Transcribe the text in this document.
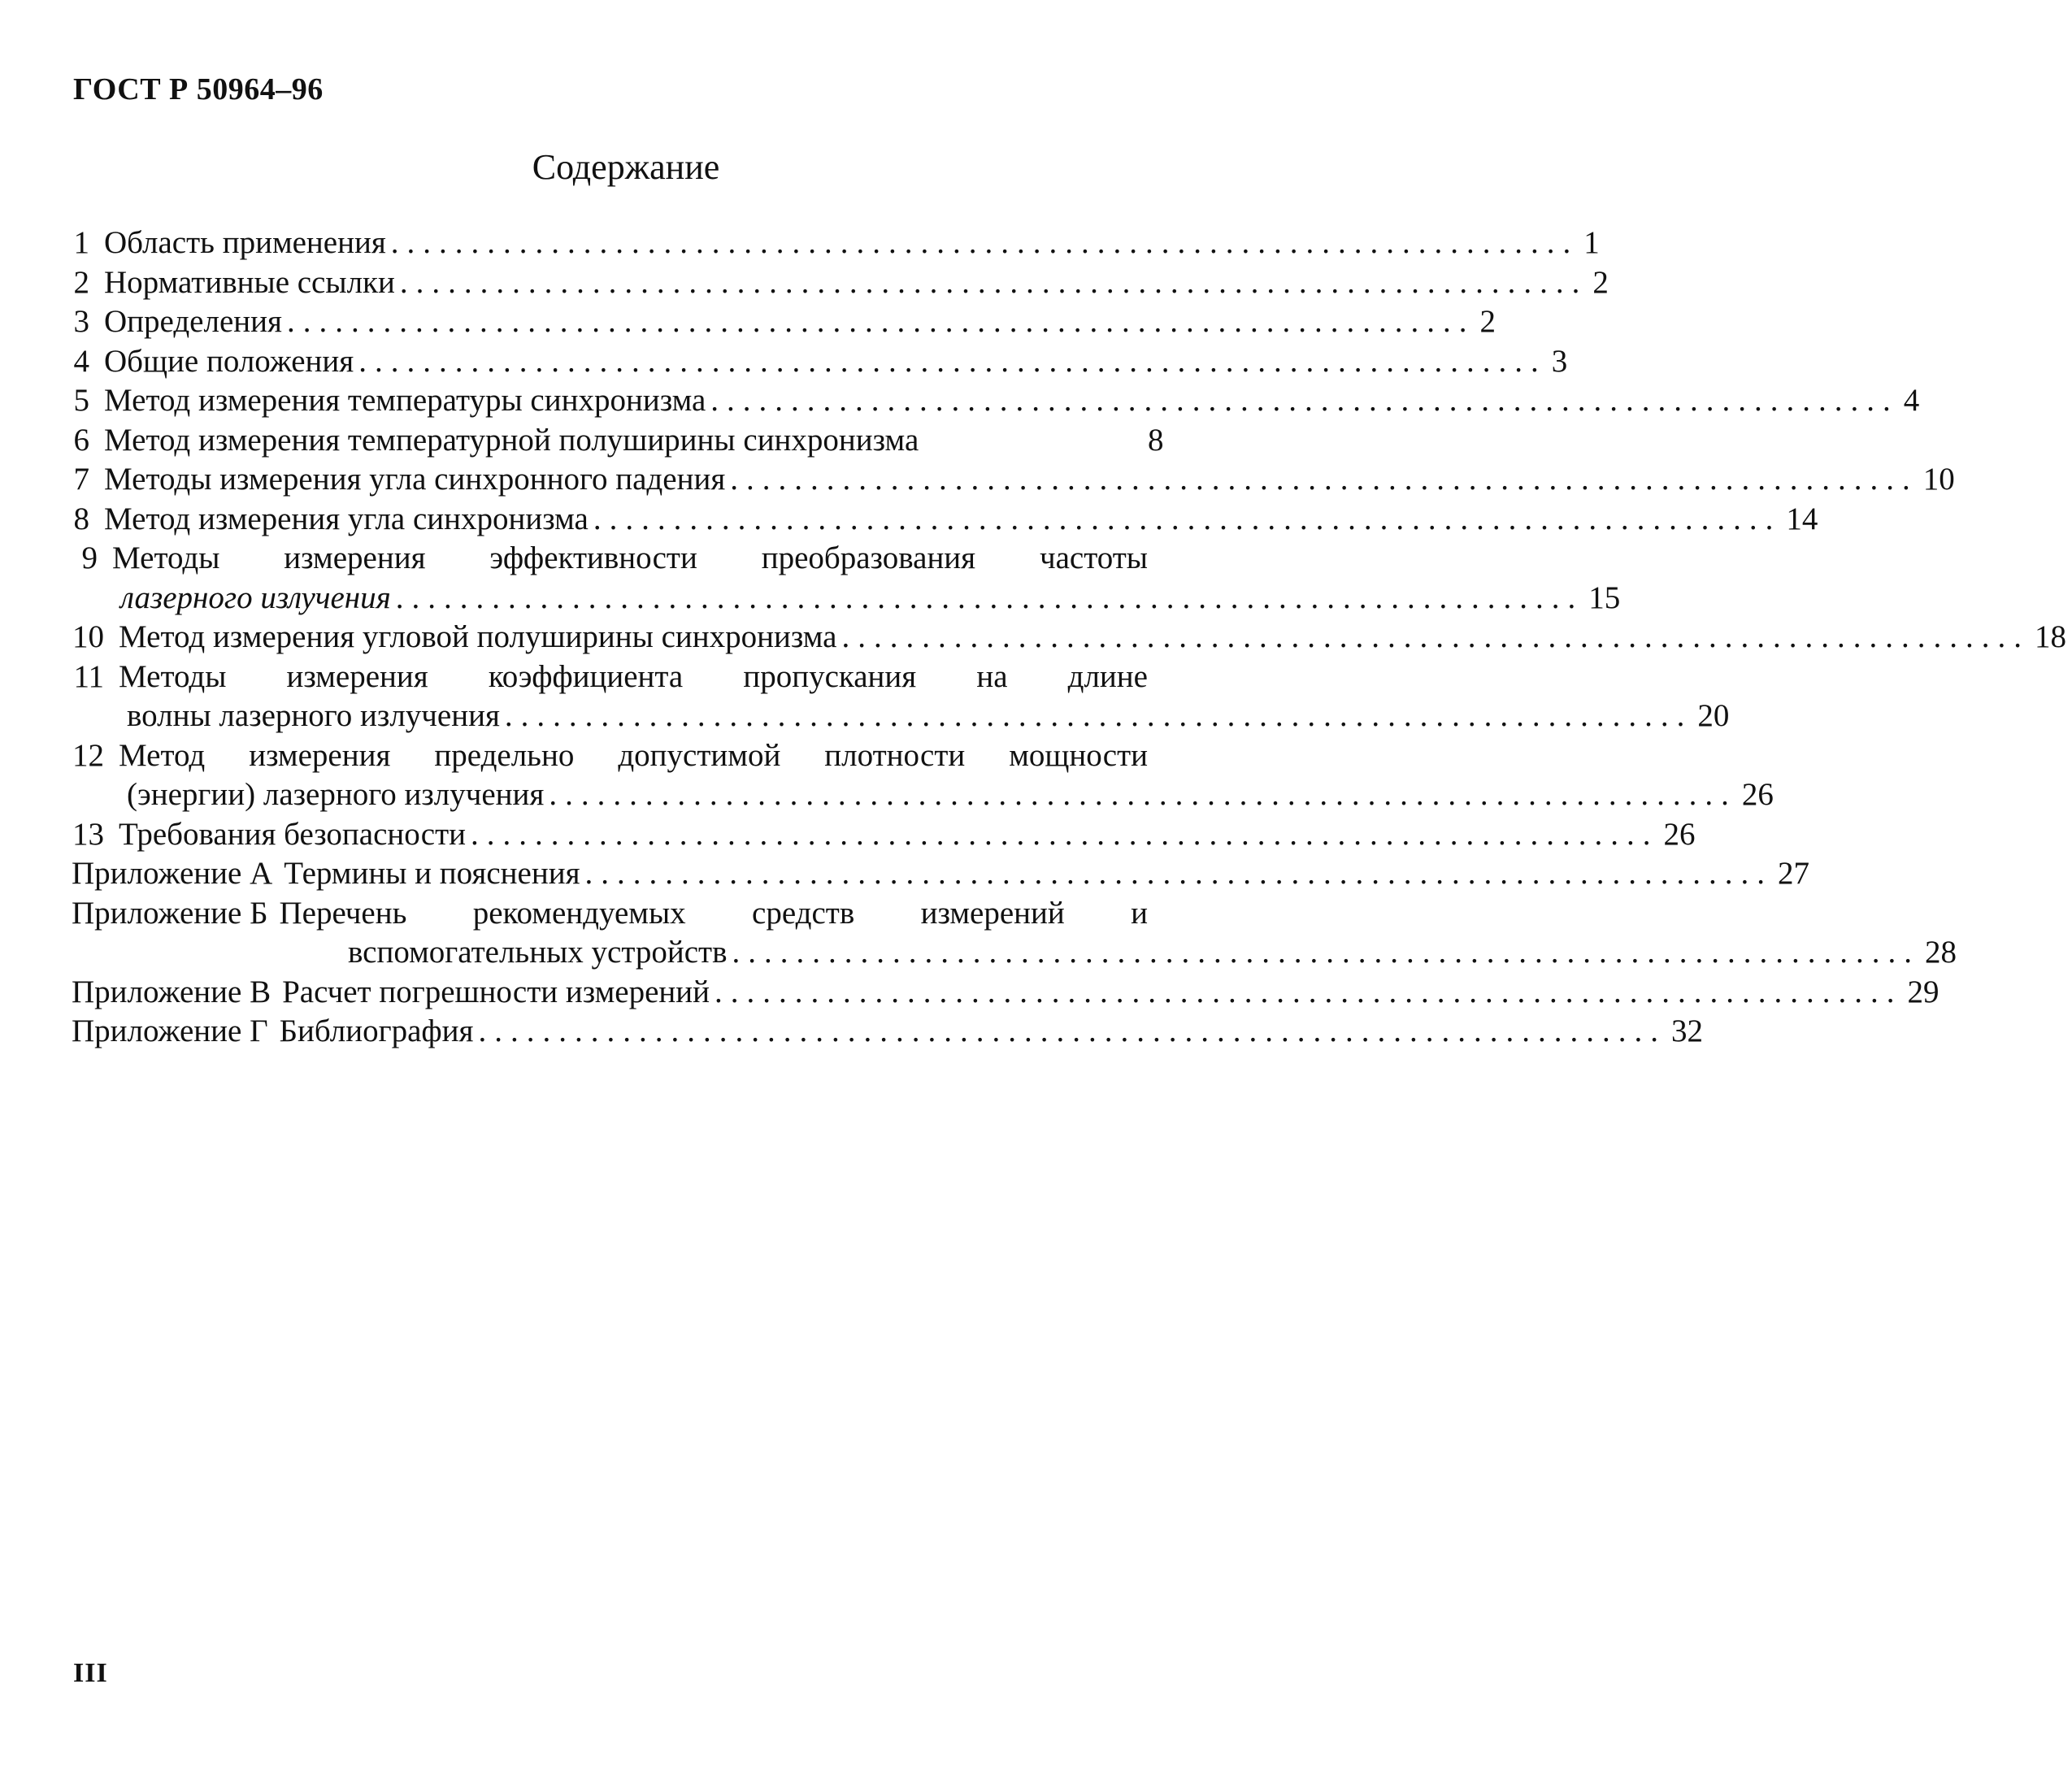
ГОСТ Р 50964–96
Содержание
1 Область применения .......................................................................... 1
2 Нормативные ссылки .......................................................................... 2
3 Определения .......................................................................... 2
4 Общие положения .......................................................................... 3
5 Метод измерения температуры синхронизма .......................................................................... 4
6 Метод измерения температурной полуширины синхронизма	8
7 Методы измерения угла синхронного падения .......................................................................... 10
8 Метод измерения угла синхронизма .......................................................................... 14
9 Методы измерения эффективности преобразования частоты
лазерного излучения .......................................................................... 15
10 Метод измерения угловой полуширины синхронизма .......................................................................... 18
11 Методы измерения коэффициента пропускания на длине
волны лазерного излучения .......................................................................... 20
12 Метод измерения предельно допустимой плотности мощности
(энергии) лазерного излучения .......................................................................... 26
13 Требования безопасности .......................................................................... 26
Приложение А Термины и пояснения .......................................................................... 27
Приложение Б Перечень рекомендуемых средств измерений и
вспомогательных устройств .......................................................................... 28
Приложение В Расчет погрешности измерений .......................................................................... 29
Приложение Г Библиография .......................................................................... 32
III
